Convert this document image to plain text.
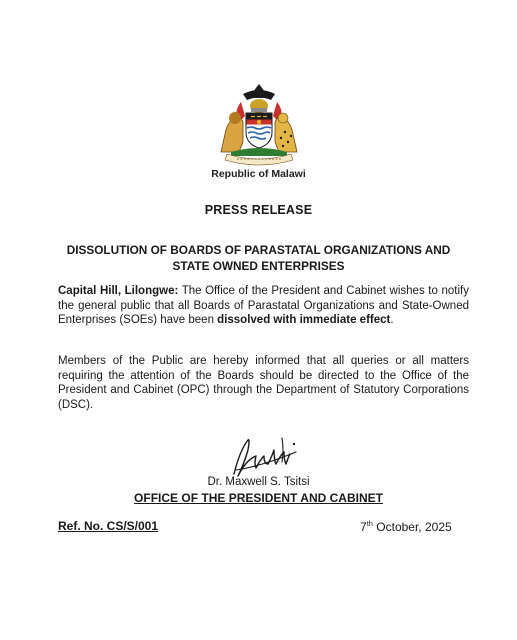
Republic of Malawi
PRESS RELEASE
DISSOLUTION OF BOARDS OF PARASTATAL ORGANIZATIONS AND
STATE OWNED ENTERPRISES
Capital Hill, Lilongwe: The Office of the President and Cabinet wishes to notify the general public that all Boards of Parastatal Organizations and State-Owned Enterprises (SOEs) have been dissolved with immediate effect.
Members of the Public are hereby informed that all queries or all matters requiring the attention of the Boards should be directed to the Office of the President and Cabinet (OPC) through the Department of Statutory Corporations (DSC).
Dr. Maxwell S. Tsitsi
OFFICE OF THE PRESIDENT AND CABINET
Ref. No. CS/S/001	7th October, 2025
